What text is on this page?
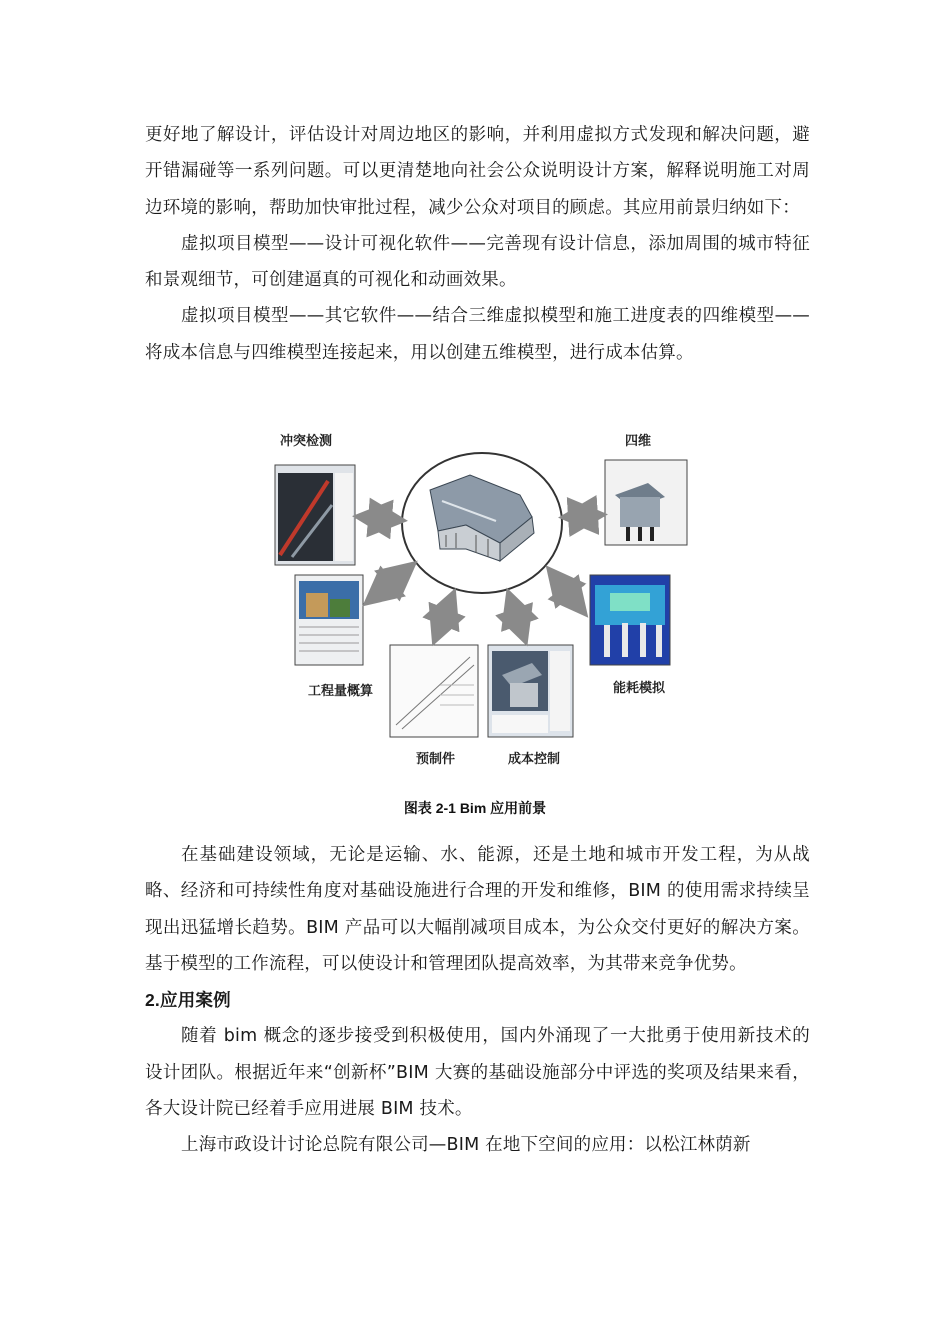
更好地了解设计，评估设计对周边地区的影响，并利用虚拟方式发现和解决问题，避开错漏碰等一系列问题。可以更清楚地向社会公众说明设计方案，解释说明施工对周边环境的影响，帮助加快审批过程，减少公众对项目的顾虑。其应用前景归纳如下：

虚拟项目模型——设计可视化软件——完善现有设计信息，添加周围的城市特征和景观细节，可创建逼真的可视化和动画效果。

虚拟项目模型——其它软件——结合三维虚拟模型和施工进度表的四维模型——将成本信息与四维模型连接起来，用以创建五维模型，进行成本估算。

冲突检测	四维
工程量概算	能耗模拟
预制件	成本控制
图表 2-1 Bim 应用前景

在基础建设领域，无论是运输、水、能源，还是土地和城市开发工程，为从战略、经济和可持续性角度对基础设施进行合理的开发和维修，BIM 的使用需求持续呈现出迅猛增长趋势。BIM 产品可以大幅削减项目成本，为公众交付更好的解决方案。基于模型的工作流程，可以使设计和管理团队提高效率，为其带来竞争优势。

2.应用案例

随着 bim 概念的逐步接受到积极使用，国内外涌现了一大批勇于使用新技术的设计团队。根据近年来“创新杯”BIM 大赛的基础设施部分中评选的奖项及结果来看，各大设计院已经着手应用进展 BIM 技术。

上海市政设计讨论总院有限公司—BIM 在地下空间的应用：以松江林荫新
